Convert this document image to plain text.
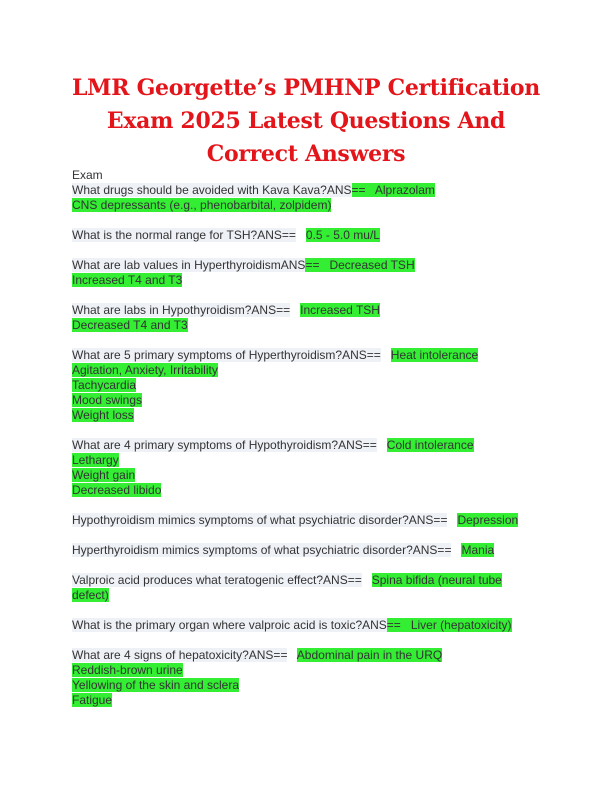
LMR Georgette’s PMHNP Certification
Exam 2025 Latest Questions And
Correct Answers
Exam
What drugs should be avoided with Kava Kava?ANS==   Alprazolam
CNS depressants (e.g., phenobarbital, zolpidem)
What is the normal range for TSH?ANS== 0.5 - 5.0 mu/L
What are lab values in HyperthyroidismANS==   Decreased TSH
Increased T4 and T3
What are labs in Hypothyroidism?ANS== Increased TSH
Decreased T4 and T3
What are 5 primary symptoms of Hyperthyroidism?ANS== Heat intolerance
Agitation, Anxiety, Irritability
Tachycardia
Mood swings
Weight loss
What are 4 primary symptoms of Hypothyroidism?ANS== Cold intolerance
Lethargy
Weight gain
Decreased libido
Hypothyroidism mimics symptoms of what psychiatric disorder?ANS== Depression
Hyperthyroidism mimics symptoms of what psychiatric disorder?ANS== Mania
Valproic acid produces what teratogenic effect?ANS== Spina bifida (neural tube
defect)
What is the primary organ where valproic acid is toxic?ANS==   Liver (hepatoxicity)
What are 4 signs of hepatoxicity?ANS== Abdominal pain in the URQ
Reddish-brown urine
Yellowing of the skin and sclera
Fatigue
